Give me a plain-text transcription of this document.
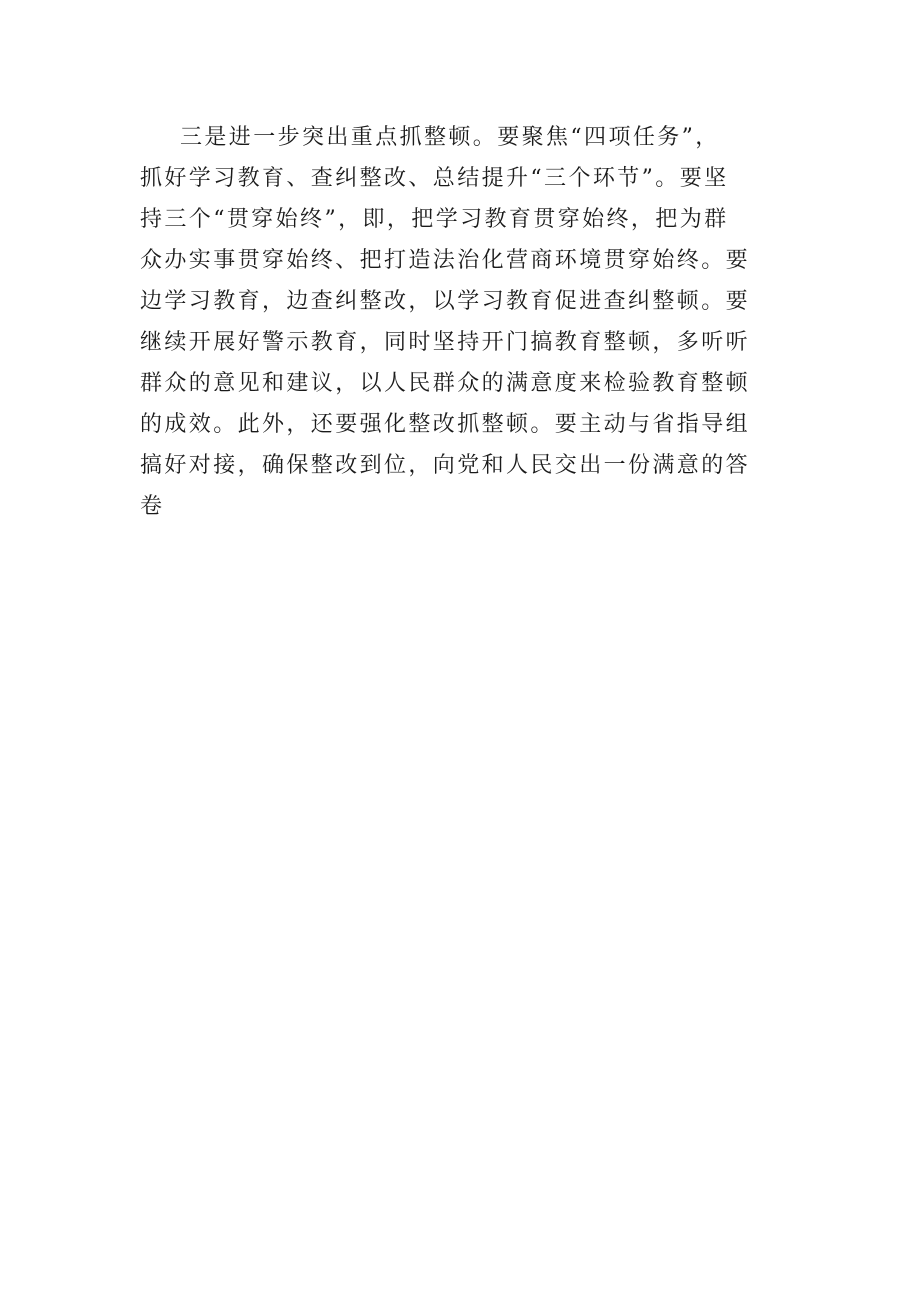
三是进一步突出重点抓整顿。要聚焦“四项任务”，
抓好学习教育、查纠整改、总结提升“三个环节”。要坚
持三个“贯穿始终”，即，把学习教育贯穿始终，把为群
众办实事贯穿始终、把打造法治化营商环境贯穿始终。要
边学习教育，边查纠整改，以学习教育促进查纠整顿。要
继续开展好警示教育，同时坚持开门搞教育整顿，多听听
群众的意见和建议，以人民群众的满意度来检验教育整顿
的成效。此外，还要强化整改抓整顿。要主动与省指导组
搞好对接，确保整改到位，向党和人民交出一份满意的答
卷
